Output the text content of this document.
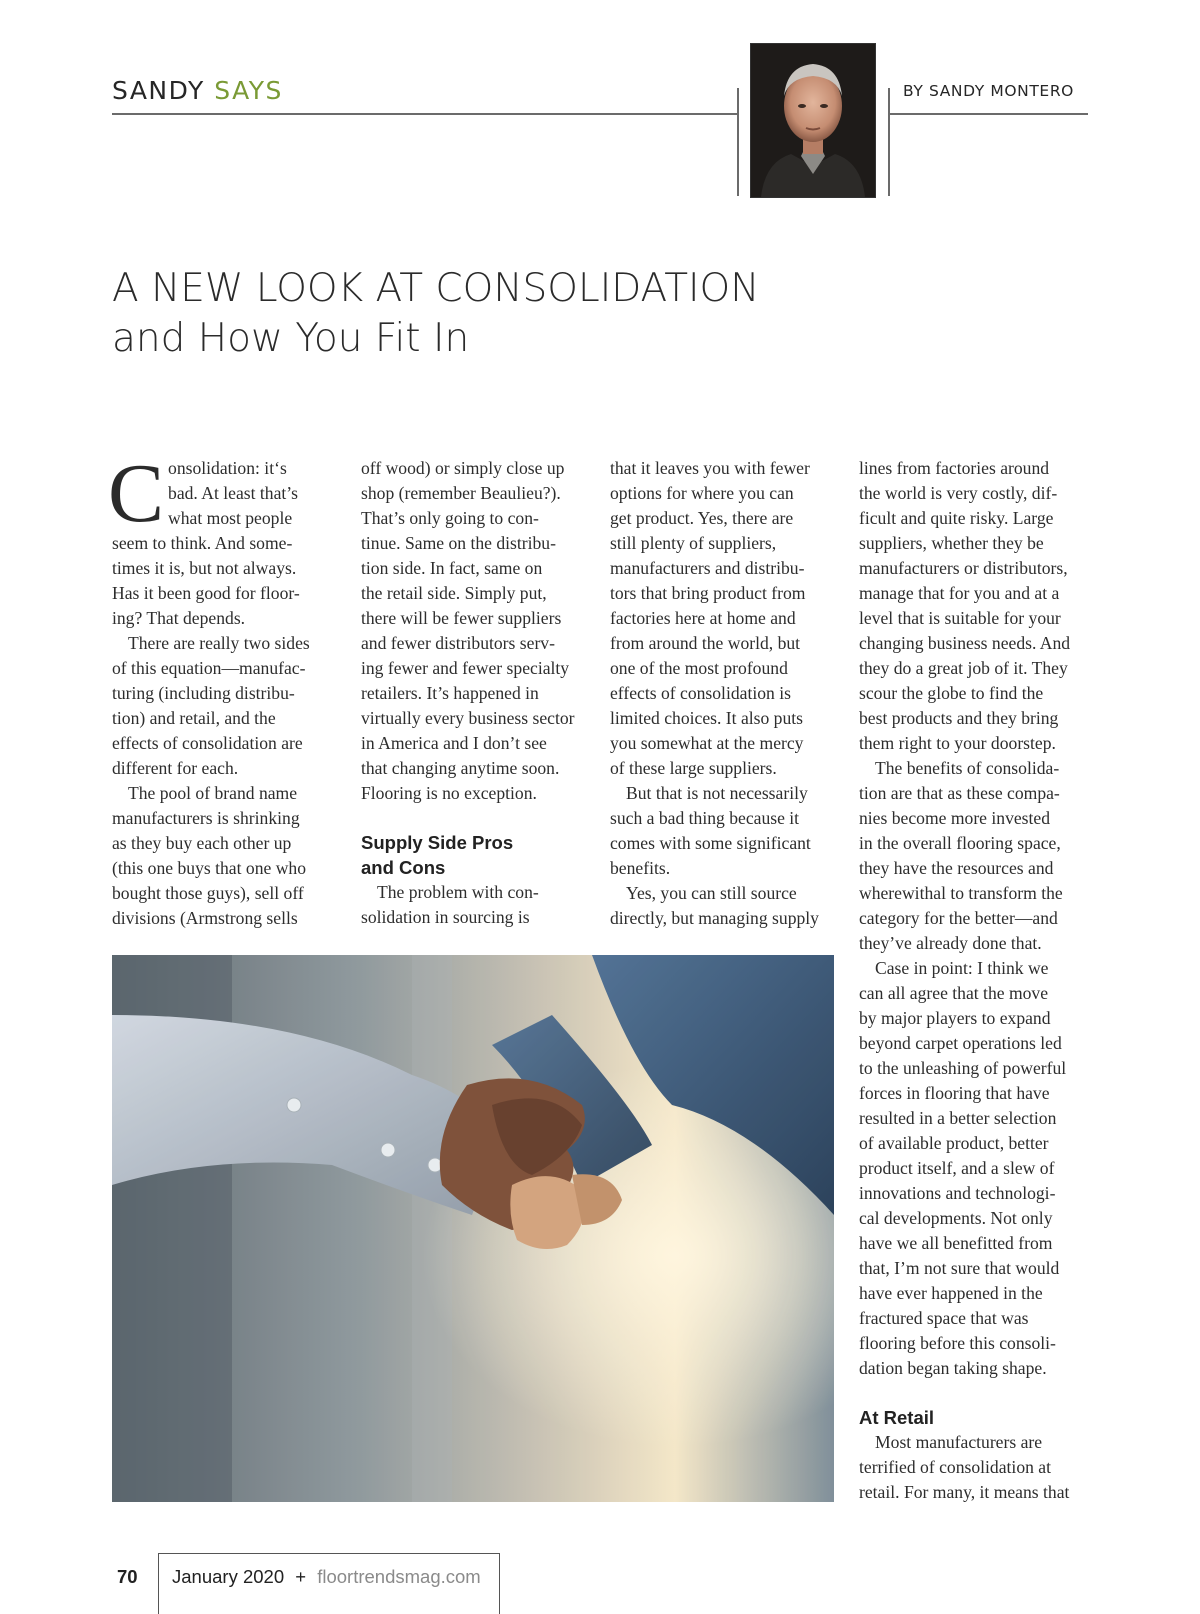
SANDY SAYS	BY SANDY MONTERO
A NEW LOOK AT CONSOLIDATION
and How You Fit In

C onsolidation: it‘s
bad. At least that’s
what most people
seem to think. And some-
times it is, but not always.
Has it been good for floor-
ing? That depends.

There are really two sides
of this equation—manufac-
turing (including distribu-
tion) and retail, and the
effects of consolidation are
different for each.

The pool of brand name
manufacturers is shrinking
as they buy each other up
(this one buys that one who
bought those guys), sell off
divisions (Armstrong sells

off wood) or simply close up
shop (remember Beaulieu?).
That’s only going to con-
tinue. Same on the distribu-
tion side. In fact, same on
the retail side. Simply put,
there will be fewer suppliers
and fewer distributors serv-
ing fewer and fewer specialty
retailers. It’s happened in
virtually every business sector
in America and I don’t see
that changing anytime soon.
Flooring is no exception.

Supply Side Pros
and Cons

The problem with con-
solidation in sourcing is

that it leaves you with fewer
options for where you can
get product. Yes, there are
still plenty of suppliers,
manufacturers and distribu-
tors that bring product from
factories here at home and
from around the world, but
one of the most profound
effects of consolidation is
limited choices. It also puts
you somewhat at the mercy
of these large suppliers.

But that is not necessarily
such a bad thing because it
comes with some significant
benefits.

Yes, you can still source
directly, but managing supply

lines from factories around
the world is very costly, dif-
ficult and quite risky. Large
suppliers, whether they be
manufacturers or distributors,
manage that for you and at a
level that is suitable for your
changing business needs. And
they do a great job of it. They
scour the globe to find the
best products and they bring
them right to your doorstep.

The benefits of consolida-
tion are that as these compa-
nies become more invested
in the overall flooring space,
they have the resources and
wherewithal to transform the
category for the better—and
they’ve already done that.

Case in point: I think we
can all agree that the move
by major players to expand
beyond carpet operations led
to the unleashing of powerful
forces in flooring that have
resulted in a better selection
of available product, better
product itself, and a slew of
innovations and technologi-
cal developments. Not only
have we all benefitted from
that, I’m not sure that would
have ever happened in the
fractured space that was
flooring before this consoli-
dation began taking shape.

At Retail

Most manufacturers are
terrified of consolidation at
retail. For many, it means that

70 January 2020 + floortrendsmag.com
